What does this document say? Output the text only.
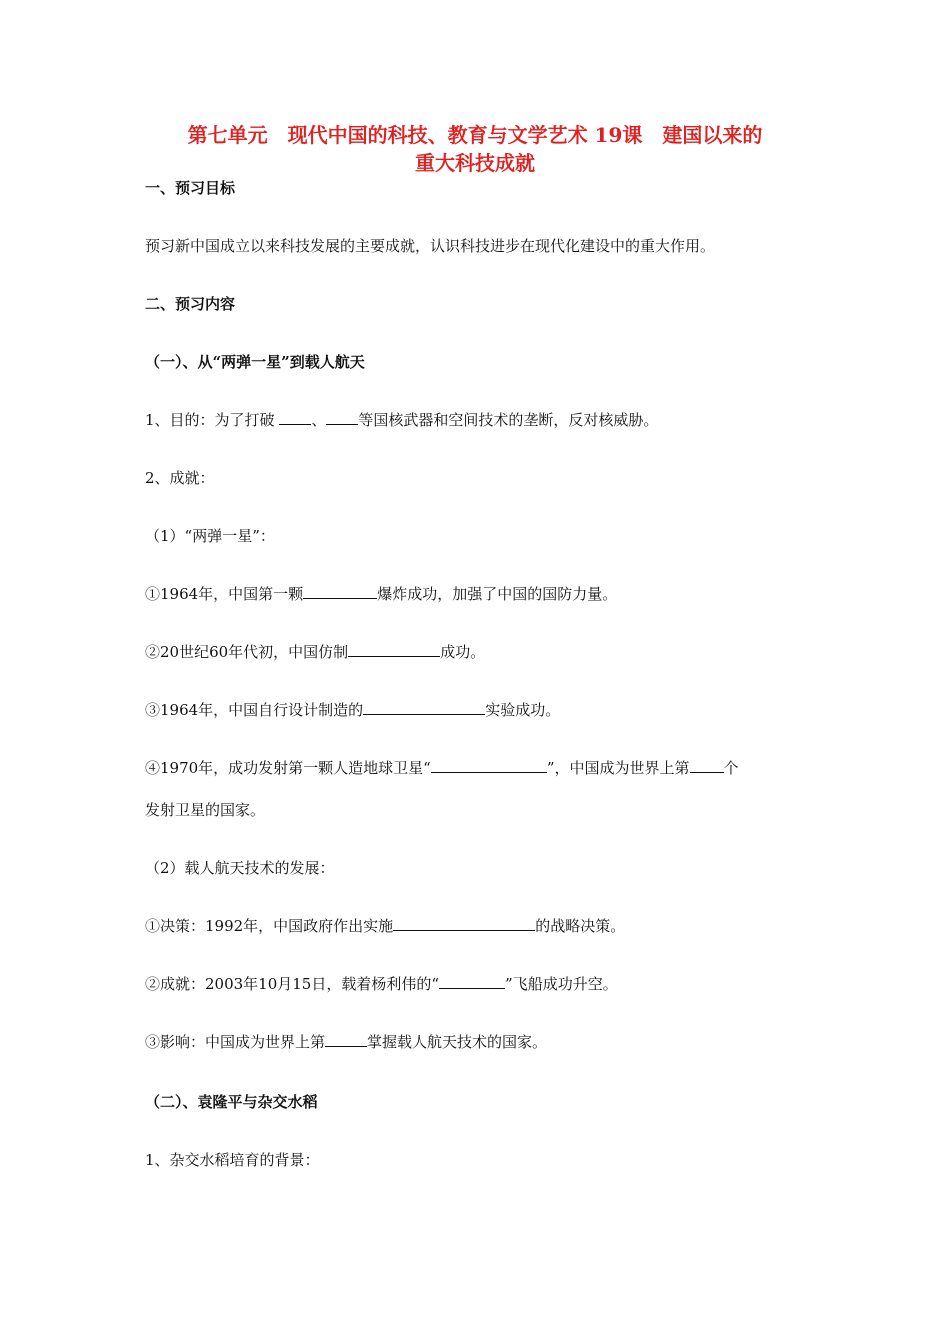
第七单元　现代中国的科技、教育与文学艺术 19课　建国以来的
重大科技成就
一、预习目标
预习新中国成立以来科技发展的主要成就，认识科技进步在现代化建设中的重大作用。
二、预习内容
（一）、从“两弹一星”到载人航天
1、目的：为了打破 、 等国核武器和空间技术的垄断，反对核威胁。
2、成就：
（1）“两弹一星”：
①1964年，中国第一颗	爆炸成功，加强了中国的国防力量。
②20世纪60年代初，中国仿制	成功。
③1964年，中国自行设计制造的	实验成功。
④1970年，成功发射第一颗人造地球卫星“	”，中国成为世界上第 个
发射卫星的国家。
（2）载人航天技术的发展：
①决策：1992年，中国政府作出实施	的战略决策。
②成就：2003年10月15日，载着杨利伟的“	”飞船成功升空。
③影响：中国成为世界上第	掌握载人航天技术的国家。
（二）、袁隆平与杂交水稻
1、杂交水稻培育的背景：
